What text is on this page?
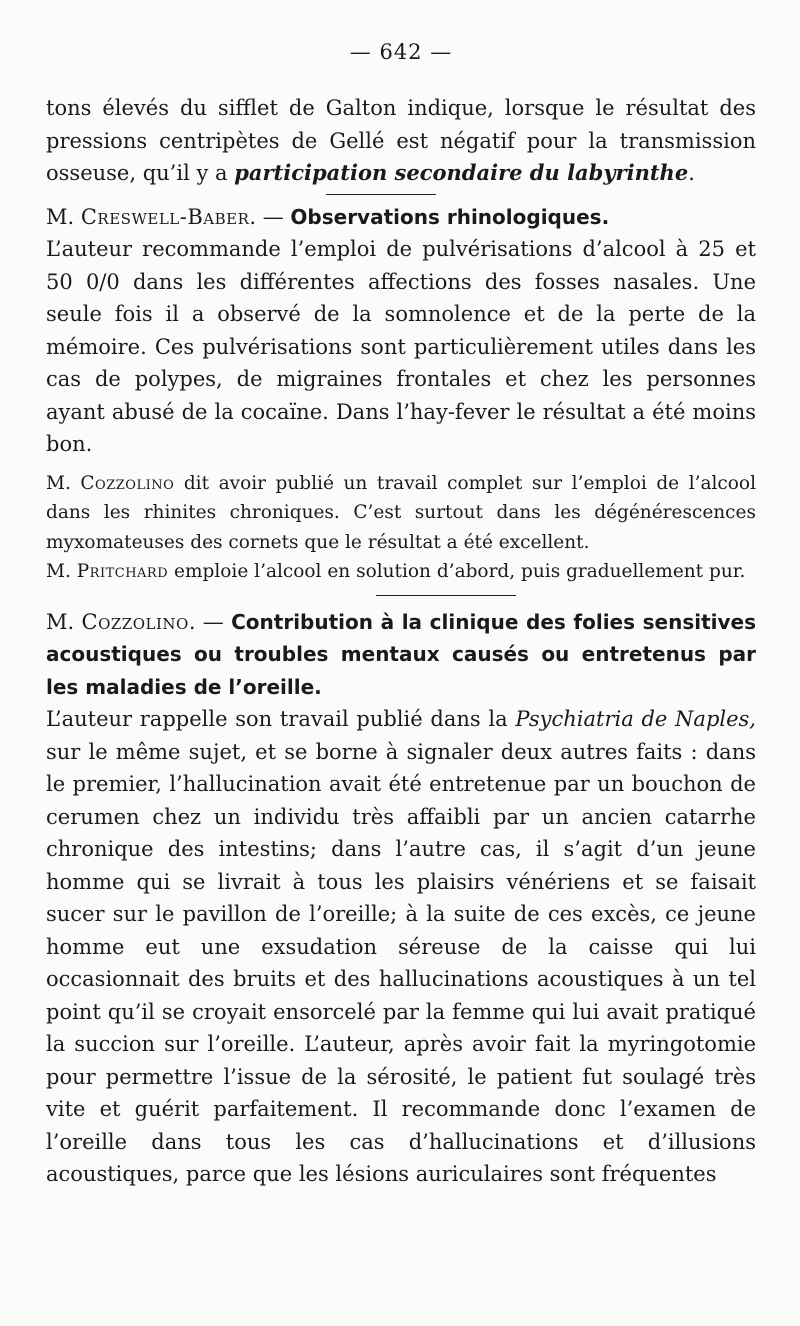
— 642 —

tons élevés du sifflet de Galton indique, lorsque le résultat des pressions centripètes de Gellé est négatif pour la transmission osseuse, qu’il y a participation secondaire du labyrinthe.

M. Creswell-Baber. — Observations rhinologiques.

L’auteur recommande l’emploi de pulvérisations d’alcool à 25 et 50 0/0 dans les différentes affections des fosses nasales. Une seule fois il a observé de la somnolence et de la perte de la mémoire. Ces pulvérisations sont particulièrement utiles dans les cas de polypes, de migraines frontales et chez les personnes ayant abusé de la cocaïne. Dans l’hay-fever le résultat a été moins bon.

M. Cozzolino dit avoir publié un travail complet sur l’emploi de l’alcool dans les rhinites chroniques. C’est surtout dans les dégénérescences myxomateuses des cornets que le résultat a été excellent.

M. Pritchard emploie l’alcool en solution d’abord, puis graduellement pur.

M. Cozzolino. — Contribution à la clinique des folies sensitives acoustiques ou troubles mentaux causés ou entretenus par les maladies de l’oreille.

L’auteur rappelle son travail publié dans la Psychiatria de Naples, sur le même sujet, et se borne à signaler deux autres faits : dans le premier, l’hallucination avait été entretenue par un bouchon de cerumen chez un individu très affaibli par un ancien catarrhe chronique des intestins; dans l’autre cas, il s’agit d’un jeune homme qui se livrait à tous les plaisirs vénériens et se faisait sucer sur le pavillon de l’oreille; à la suite de ces excès, ce jeune homme eut une exsudation séreuse de la caisse qui lui occasionnait des bruits et des hallucinations acoustiques à un tel point qu’il se croyait ensorcelé par la femme qui lui avait pratiqué la succion sur l’oreille. L’auteur, après avoir fait la myringotomie pour permettre l’issue de la sérosité, le patient fut soulagé très vite et guérit parfaitement. Il recommande donc l’examen de l’oreille dans tous les cas d’hallucinations et d’illusions acoustiques, parce que les lésions auriculaires sont fréquentes
